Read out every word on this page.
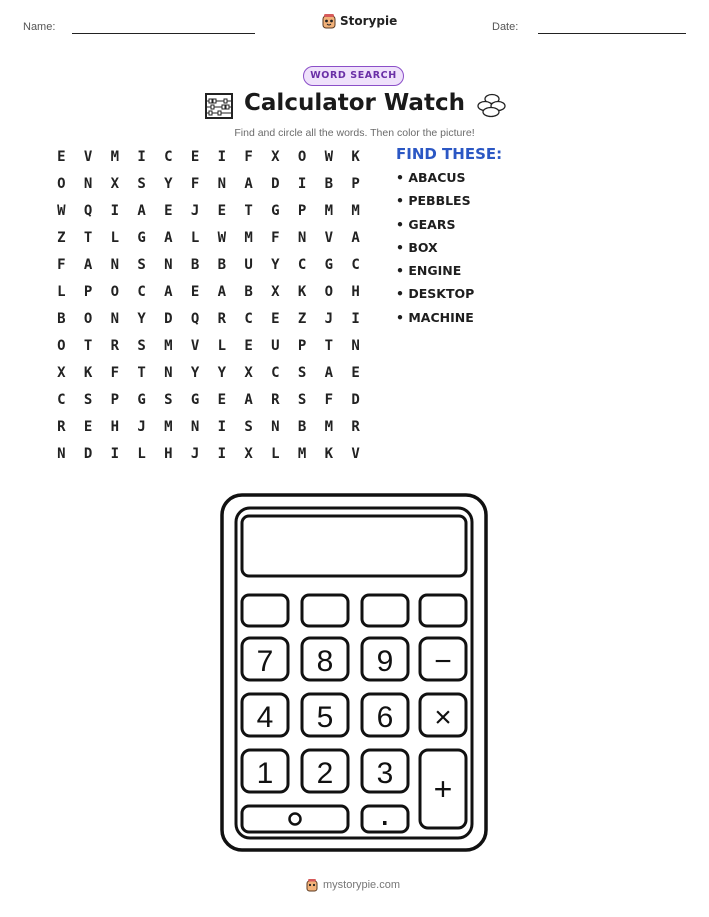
Name:	Storypie	Date:
WORD SEARCH
Calculator Watch
Find and circle all the words. Then color the picture!
E	V	M	I	C	E	I	F	X	O	W	K
O	N	X	S	Y	F	N	A	D	I	B	P
W	Q	I	A	E	J	E	T	G	P	M	M
Z	T	L	G	A	L	W	M	F	N	V	A
F	A	N	S	N	B	B	U	Y	C	G	C
L	P	O	C	A	E	A	B	X	K	O	H
B	O	N	Y	D	Q	R	C	E	Z	J	I
O	T	R	S	M	V	L	E	U	P	T	N
X	K	F	T	N	Y	Y	X	C	S	A	E
C	S	P	G	S	G	E	A	R	S	F	D
R	E	H	J	M	N	I	S	N	B	M	R
N	D	I	L	H	J	I	X	L	M	K	V
FIND THESE:
• ABACUS
• PEBBLES
• GEARS
• BOX
• ENGINE
• DESKTOP
• MACHINE
7 8 9 −
4 5 6 ×
1 2 3 +
mystorypie.com
